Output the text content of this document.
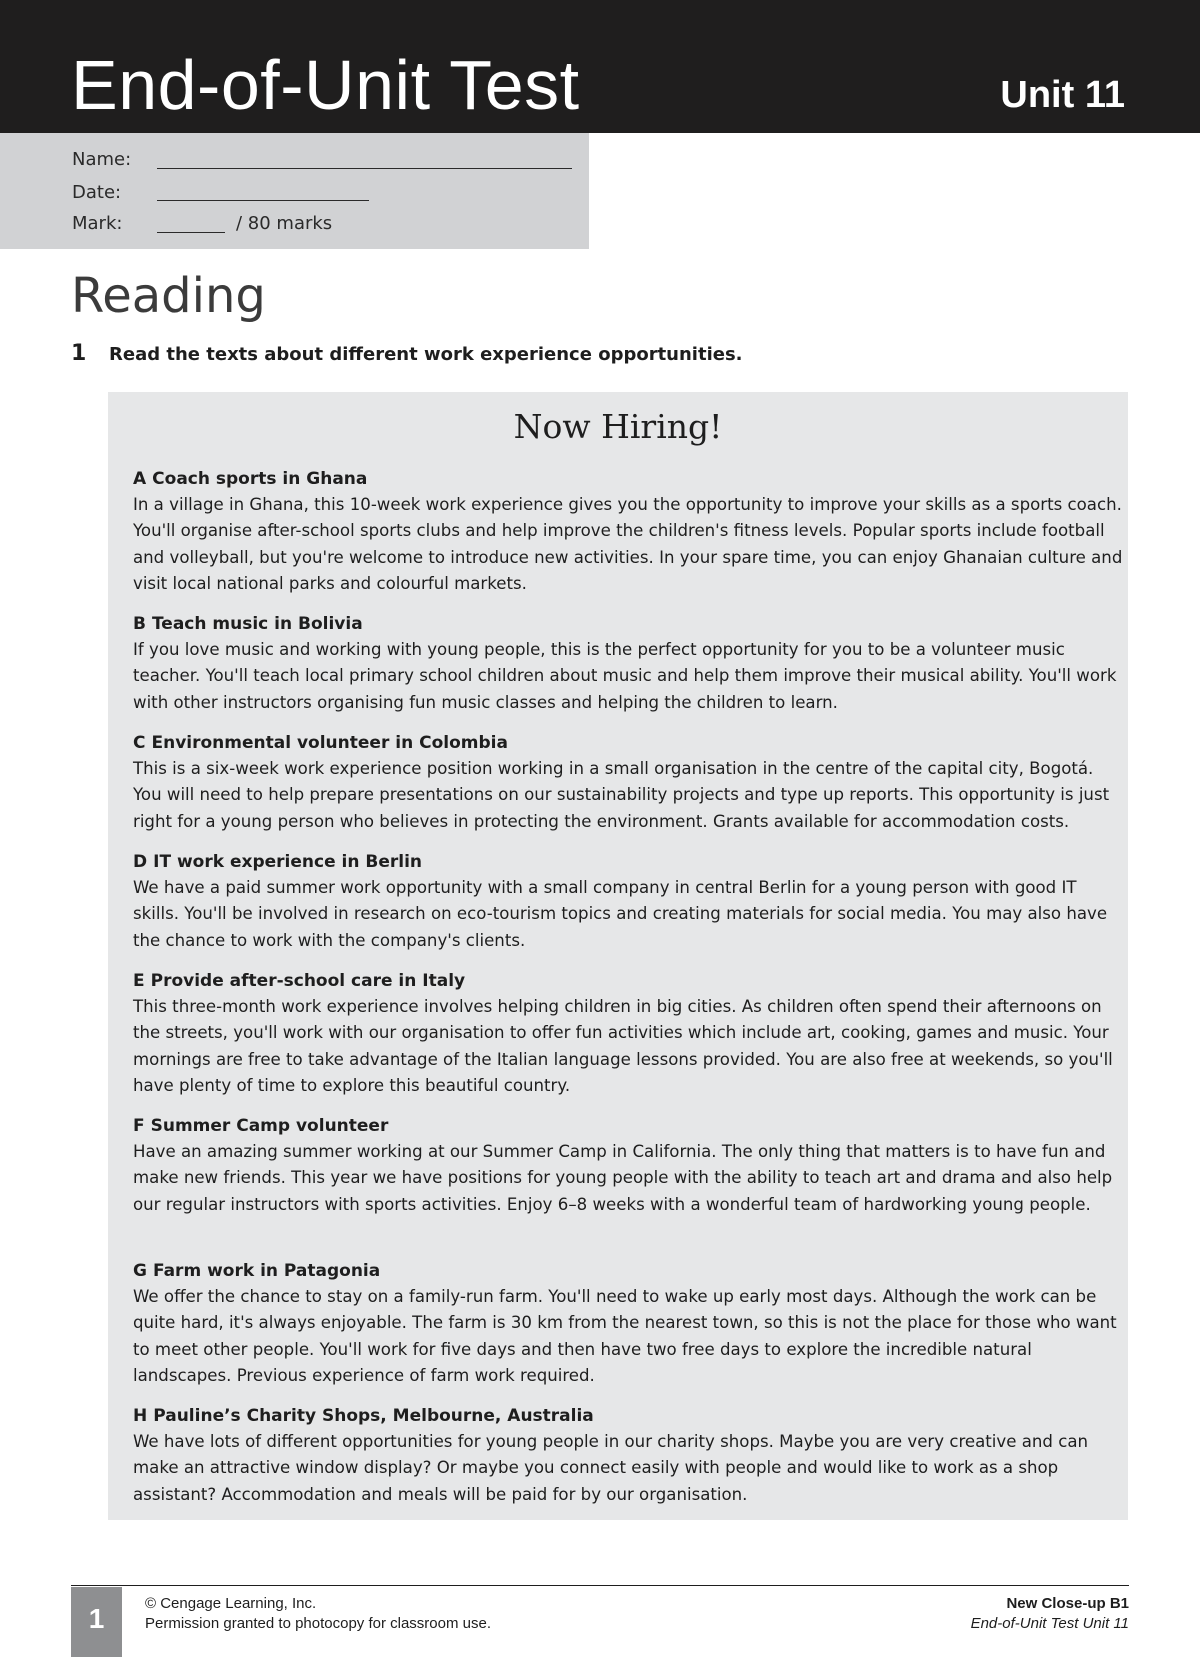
End-of-Unit Test	Unit 11
Name:
Date:
Mark:	/ 80 marks
Reading
1 Read the texts about different work experience opportunities.
Now Hiring!
A Coach sports in Ghana

In a village in Ghana, this 10-week work experience gives you the opportunity to improve your skills as a sports coach. You'll organise after-school sports clubs and help improve the children's fitness levels. Popular sports include football and volleyball, but you're welcome to introduce new activities. In your spare time, you can enjoy Ghanaian culture and visit local national parks and colourful markets.

B Teach music in Bolivia

If you love music and working with young people, this is the perfect opportunity for you to be a volunteer music teacher. You'll teach local primary school children about music and help them improve their musical ability. You'll work with other instructors organising fun music classes and helping the children to learn.

C Environmental volunteer in Colombia

This is a six-week work experience position working in a small organisation in the centre of the capital city, Bogotá. You will need to help prepare presentations on our sustainability projects and type up reports. This opportunity is just right for a young person who believes in protecting the environment. Grants available for accommodation costs.

D IT work experience in Berlin

We have a paid summer work opportunity with a small company in central Berlin for a young person with good IT skills. You'll be involved in research on eco-tourism topics and creating materials for social media. You may also have the chance to work with the company's clients.

E Provide after-school care in Italy

This three-month work experience involves helping children in big cities. As children often spend their afternoons on the streets, you'll work with our organisation to offer fun activities which include art, cooking, games and music. Your mornings are free to take advantage of the Italian language lessons provided. You are also free at weekends, so you'll have plenty of time to explore this beautiful country.

F Summer Camp volunteer

Have an amazing summer working at our Summer Camp in California. The only thing that matters is to have fun and make new friends. This year we have positions for young people with the ability to teach art and drama and also help our regular instructors with sports activities. Enjoy 6–8 weeks with a wonderful team of hardworking young people.

G Farm work in Patagonia

We offer the chance to stay on a family-run farm. You'll need to wake up early most days. Although the work can be quite hard, it's always enjoyable. The farm is 30 km from the nearest town, so this is not the place for those who want to meet other people. You'll work for five days and then have two free days to explore the incredible natural landscapes. Previous experience of farm work required.

H Pauline’s Charity Shops, Melbourne, Australia

We have lots of different opportunities for young people in our charity shops. Maybe you are very creative and can make an attractive window display? Or maybe you connect easily with people and would like to work as a shop assistant? Accommodation and meals will be paid for by our organisation.

1	© Cengage Learning, Inc.
Permission granted to photocopy for classroom use.
New Close-up B1
End-of-Unit Test Unit 11
